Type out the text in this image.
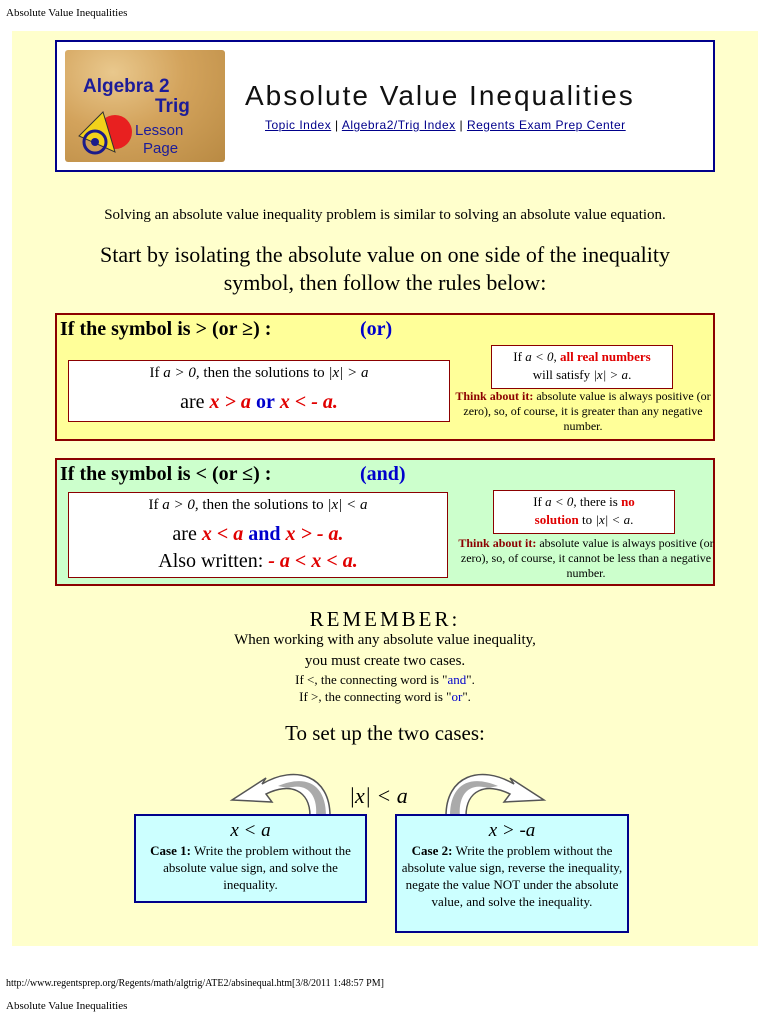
Absolute Value Inequalities
Algebra 2
Trig
Lesson
Page
Absolute Value Inequalities
Topic Index | Algebra2/Trig Index | Regents Exam Prep Center
Solving an absolute value inequality problem is similar to solving an absolute value equation.
Start by isolating the absolute value on one side of the inequality
symbol, then follow the rules below:
If the symbol is > (or ≥) :	(or)
If a > 0, then the solutions to |x| > a
are x > a or x < - a.
If a < 0, all real numbers
will satisfy |x| > a.
Think about it: absolute value is always positive (or zero), so, of course, it is greater than any negative number.
If the symbol is < (or ≤) :	(and)
If a > 0, then the solutions to |x| < a
are x < a and x > - a.
Also written: - a < x < a.
If a < 0, there is no
solution to |x| < a.
Think about it: absolute value is always positive (or zero), so, of course, it cannot be less than a negative number.
REMEMBER:
When working with any absolute value inequality,
you must create two cases.
If <, the connecting word is "and".
If >, the connecting word is "or".
To set up the two cases:
|x| < a
x < a
Case 1: Write the problem without the absolute value sign, and solve the inequality.
x > -a
Case 2: Write the problem without the absolute value sign, reverse the inequality, negate the value NOT under the absolute value, and solve the inequality.
http://www.regentsprep.org/Regents/math/algtrig/ATE2/absinequal.htm[3/8/2011 1:48:57 PM]
Absolute Value Inequalities
